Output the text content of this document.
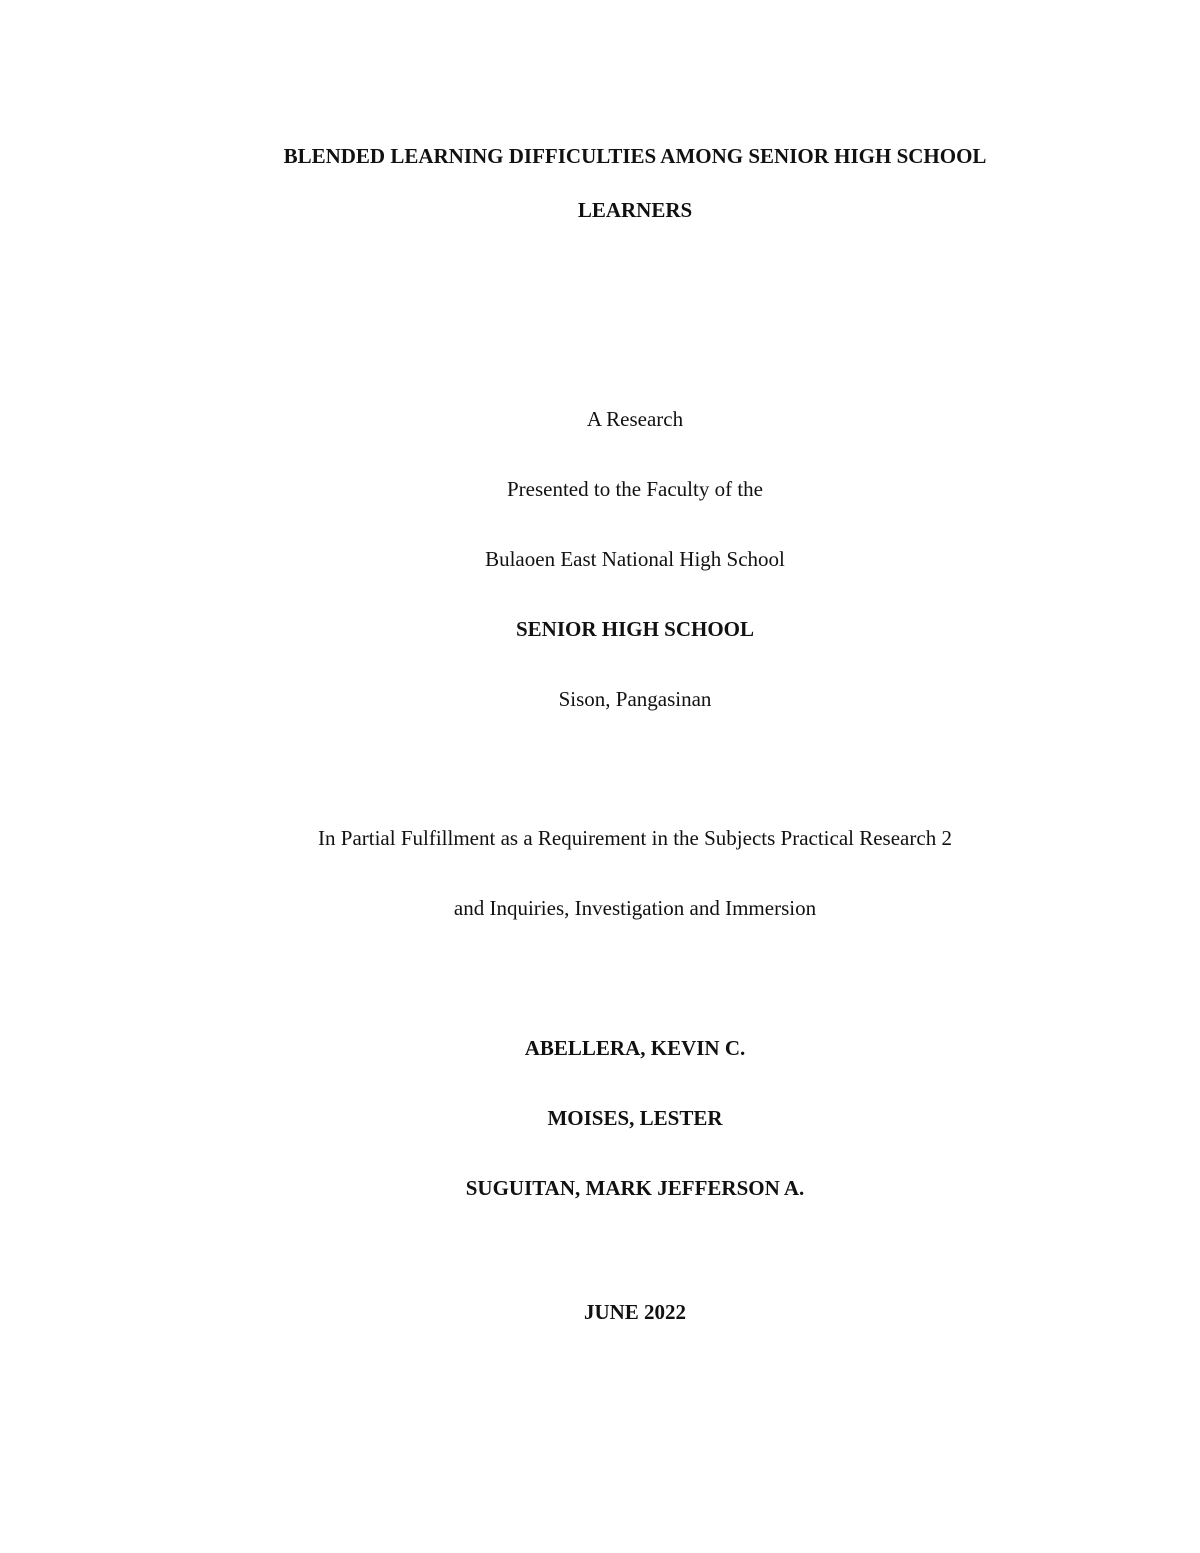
BLENDED LEARNING DIFFICULTIES AMONG SENIOR HIGH SCHOOL
LEARNERS
A Research
Presented to the Faculty of the
Bulaoen East National High School
SENIOR HIGH SCHOOL
Sison, Pangasinan
In Partial Fulfillment as a Requirement in the Subjects Practical Research 2
and Inquiries, Investigation and Immersion
ABELLERA, KEVIN C.
MOISES, LESTER
SUGUITAN, MARK JEFFERSON A.
JUNE 2022
